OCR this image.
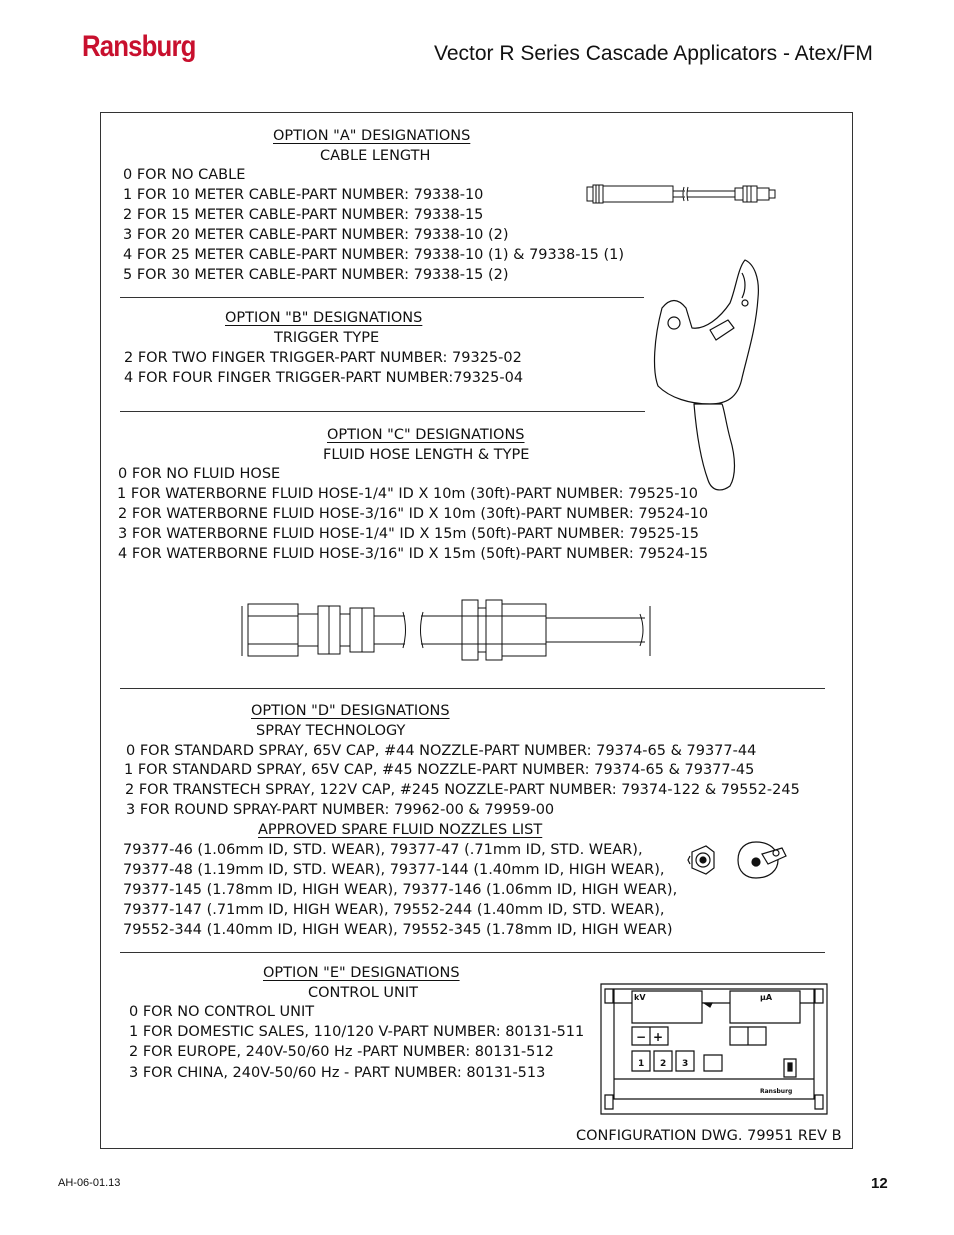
Ransburg	Vector R Series Cascade Applicators - Atex/FM
OPTION "A" DESIGNATIONS
CABLE LENGTH
0 FOR NO CABLE
1 FOR 10 METER CABLE-PART NUMBER: 79338-10
2 FOR 15 METER CABLE-PART NUMBER: 79338-15
3 FOR 20 METER CABLE-PART NUMBER: 79338-10 (2)
4 FOR 25 METER CABLE-PART NUMBER: 79338-10 (1) & 79338-15 (1)
5 FOR 30 METER CABLE-PART NUMBER: 79338-15 (2)
OPTION "B" DESIGNATIONS
TRIGGER TYPE
2 FOR TWO FINGER TRIGGER-PART NUMBER: 79325-02
4 FOR FOUR FINGER TRIGGER-PART NUMBER:79325-04
OPTION "C" DESIGNATIONS
FLUID HOSE LENGTH & TYPE
0 FOR NO FLUID HOSE
1 FOR WATERBORNE FLUID HOSE-1/4" ID X 10m (30ft)-PART NUMBER: 79525-10
2 FOR WATERBORNE FLUID HOSE-3/16" ID X 10m (30ft)-PART NUMBER: 79524-10
3 FOR WATERBORNE FLUID HOSE-1/4" ID X 15m (50ft)-PART NUMBER: 79525-15
4 FOR WATERBORNE FLUID HOSE-3/16" ID X 15m (50ft)-PART NUMBER: 79524-15
OPTION "D" DESIGNATIONS
SPRAY TECHNOLOGY
0 FOR STANDARD SPRAY, 65V CAP, #44 NOZZLE-PART NUMBER: 79374-65 & 79377-44
1 FOR STANDARD SPRAY, 65V CAP, #45 NOZZLE-PART NUMBER: 79374-65 & 79377-45
2 FOR TRANSTECH SPRAY, 122V CAP, #245 NOZZLE-PART NUMBER: 79374-122 & 79552-245
3 FOR ROUND SPRAY-PART NUMBER: 79962-00 & 79959-00
APPROVED SPARE FLUID NOZZLES LIST
79377-46 (1.06mm ID, STD. WEAR), 79377-47 (.71mm ID, STD. WEAR),
79377-48 (1.19mm ID, STD. WEAR), 79377-144 (1.40mm ID, HIGH WEAR),
79377-145 (1.78mm ID, HIGH WEAR), 79377-146 (1.06mm ID, HIGH WEAR),
79377-147 (.71mm ID, HIGH WEAR), 79552-244 (1.40mm ID, STD. WEAR),
79552-344 (1.40mm ID, HIGH WEAR), 79552-345 (1.78mm ID, HIGH WEAR)
OPTION "E" DESIGNATIONS
CONTROL UNIT
0 FOR NO CONTROL UNIT
1 FOR DOMESTIC SALES, 110/120 V-PART NUMBER: 80131-511
2 FOR EUROPE, 240V-50/60 Hz -PART NUMBER: 80131-512
3 FOR CHINA, 240V-50/60 Hz - PART NUMBER: 80131-513
kV	μA
− +
1 2 3
Ransburg
CONFIGURATION DWG. 79951 REV B
AH-06-01.13	12
